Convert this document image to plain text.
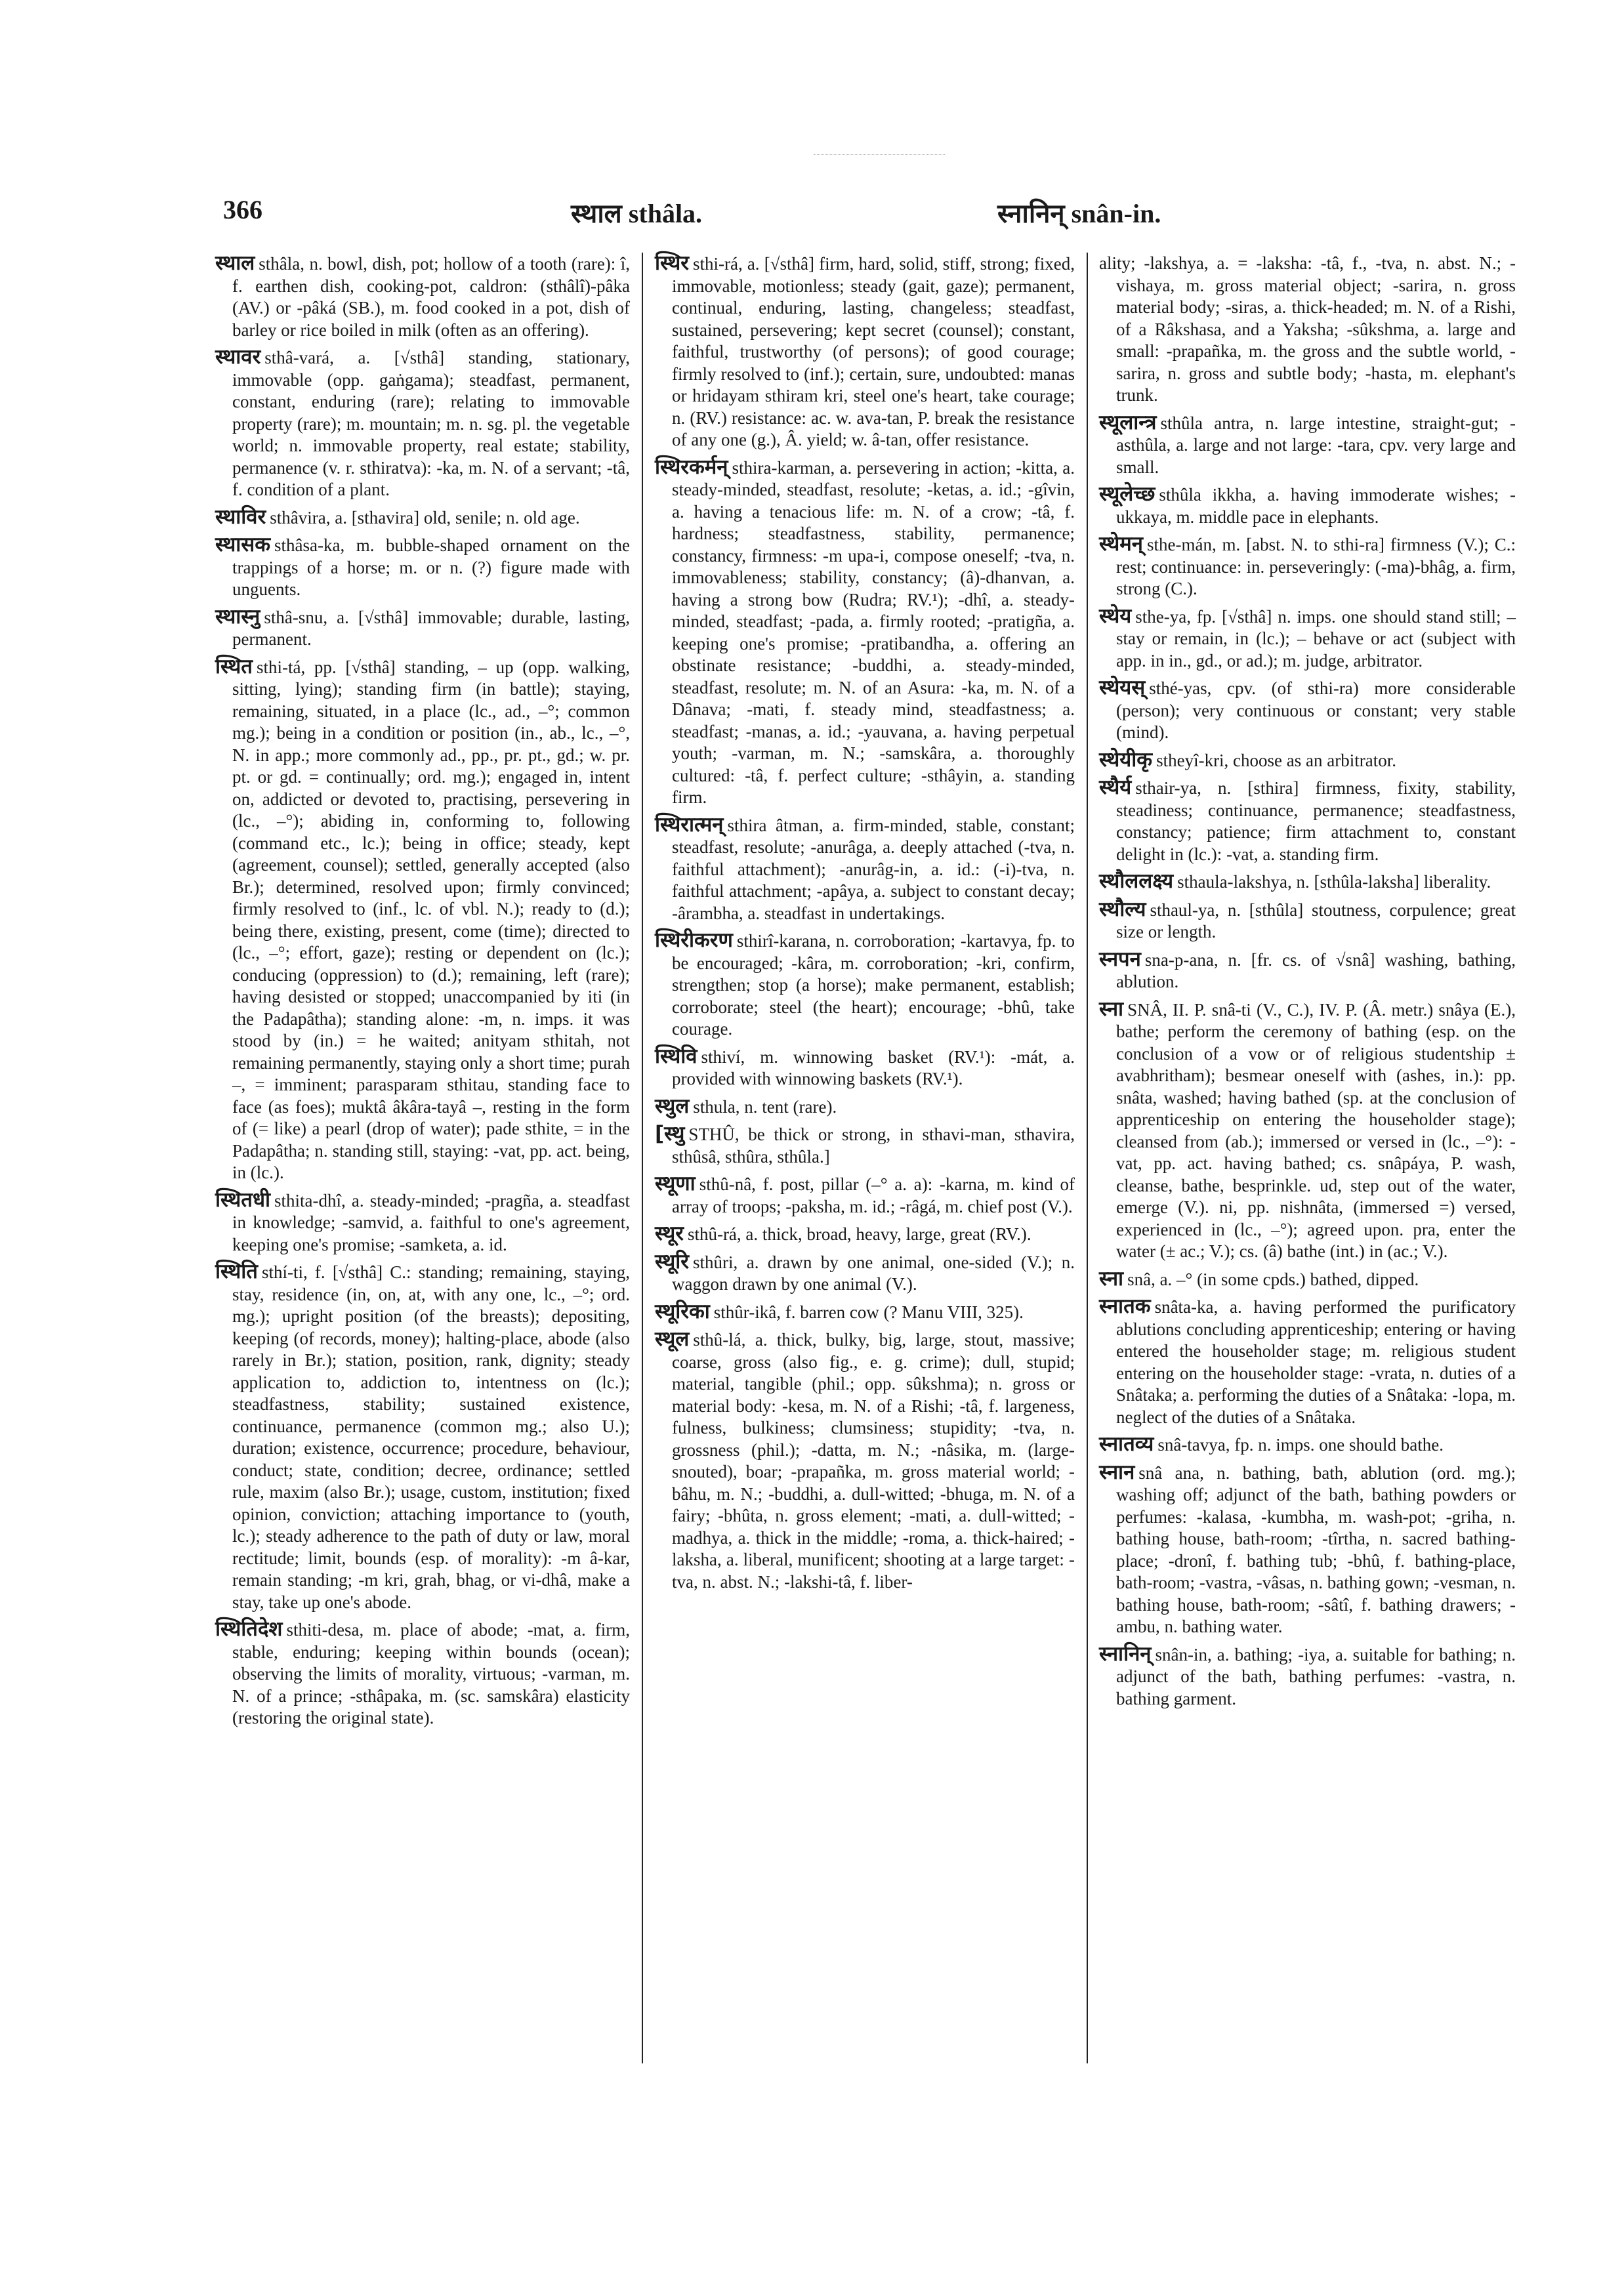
366	स्थाल sthâla.	स्नानिन् snân-in.

स्थाल sthâla, n. bowl, dish, pot; hollow of a tooth (rare): î, f. earthen dish, cooking-pot, caldron: (sthâlî)-pâka (AV.) or -pâká (SB.), m. food cooked in a pot, dish of barley or rice boiled in milk (often as an offering).

स्थावर sthâ-vará, a. [√sthâ] standing, stationary, immovable (opp. gaṅgama); steadfast, permanent, constant, enduring (rare); relating to immovable property (rare); m. mountain; m. n. sg. pl. the vegetable world; n. immovable property, real estate; stability, permanence (v. r. sthiratva): -ka, m. N. of a servant; -tâ, f. condition of a plant.

स्थाविर sthâvira, a. [sthavira] old, senile; n. old age.

स्थासक sthâsa-ka, m. bubble-shaped ornament on the trappings of a horse; m. or n. (?) figure made with unguents.

स्थास्नु sthâ-snu, a. [√sthâ] immovable; durable, lasting, permanent.

स्थित sthi-tá, pp. [√sthâ] standing, – up (opp. walking, sitting, lying); standing firm (in battle); staying, remaining, situated, in a place (lc., ad., –°; common mg.); being in a condition or position (in., ab., lc., –°, N. in app.; more commonly ad., pp., pr. pt., gd.; w. pr. pt. or gd. = continually; ord. mg.); engaged in, intent on, addicted or devoted to, practising, persevering in (lc., –°); abiding in, conforming to, following (command etc., lc.); being in office; steady, kept (agreement, counsel); settled, generally accepted (also Br.); determined, resolved upon; firmly convinced; firmly resolved to (inf., lc. of vbl. N.); ready to (d.); being there, existing, present, come (time); directed to (lc., –°; effort, gaze); resting or dependent on (lc.); conducing (oppression) to (d.); remaining, left (rare); having desisted or stopped; unaccompanied by iti (in the Padapâtha); standing alone: -m, n. imps. it was stood by (in.) = he waited; anityam sthitah, not remaining permanently, staying only a short time; purah –, = imminent; parasparam sthitau, standing face to face (as foes); muktâ âkâra-tayâ –, resting in the form of (= like) a pearl (drop of water); pade sthite, = in the Padapâtha; n. standing still, staying: -vat, pp. act. being, in (lc.).

स्थितधी sthita-dhî, a. steady-minded; -pragña, a. steadfast in knowledge; -samvid, a. faithful to one's agreement, keeping one's promise; -samketa, a. id.

स्थिति sthí-ti, f. [√sthâ] C.: standing; remaining, staying, stay, residence (in, on, at, with any one, lc., –°; ord. mg.); upright position (of the breasts); depositing, keeping (of records, money); halting-place, abode (also rarely in Br.); station, position, rank, dignity; steady application to, addiction to, intentness on (lc.); steadfastness, stability; sustained existence, continuance, permanence (common mg.; also U.); duration; existence, occurrence; procedure, behaviour, conduct; state, condition; decree, ordinance; settled rule, maxim (also Br.); usage, custom, institution; fixed opinion, conviction; attaching importance to (youth, lc.); steady adherence to the path of duty or law, moral rectitude; limit, bounds (esp. of morality): -m â-kar, remain standing; -m kri, grah, bhag, or vi-dhâ, make a stay, take up one's abode.

स्थितिदेश sthiti-desa, m. place of abode; -mat, a. firm, stable, enduring; keeping within bounds (ocean); observing the limits of morality, virtuous; -varman, m. N. of a prince; -sthâpaka, m. (sc. samskâra) elasticity (restoring the original state).

स्थिर sthi-rá, a. [√sthâ] firm, hard, solid, stiff, strong; fixed, immovable, motionless; steady (gait, gaze); permanent, continual, enduring, lasting, changeless; steadfast, sustained, persevering; kept secret (counsel); constant, faithful, trustworthy (of persons); of good courage; firmly resolved to (inf.); certain, sure, undoubted: manas or hridayam sthiram kri, steel one's heart, take courage; n. (RV.) resistance: ac. w. ava-tan, P. break the resistance of any one (g.), Â. yield; w. â-tan, offer resistance.

स्थिरकर्मन् sthira-karman, a. persevering in action; -kitta, a. steady-minded, steadfast, resolute; -ketas, a. id.; -gîvin, a. having a tenacious life: m. N. of a crow; -tâ, f. hardness; steadfastness, stability, permanence; constancy, firmness: -m upa-i, compose oneself; -tva, n. immovableness; stability, constancy; (â)-dhanvan, a. having a strong bow (Rudra; RV.¹); -dhî, a. steady-minded, steadfast; -pada, a. firmly rooted; -pratigña, a. keeping one's promise; -pratibandha, a. offering an obstinate resistance; -buddhi, a. steady-minded, steadfast, resolute; m. N. of an Asura: -ka, m. N. of a Dânava; -mati, f. steady mind, steadfastness; a. steadfast; -manas, a. id.; -yauvana, a. having perpetual youth; -varman, m. N.; -samskâra, a. thoroughly cultured: -tâ, f. perfect culture; -sthâyin, a. standing firm.

स्थिरात्मन् sthira âtman, a. firm-minded, stable, constant; steadfast, resolute; -anurâga, a. deeply attached (-tva, n. faithful attachment); -anurâg-in, a. id.: (-i)-tva, n. faithful attachment; -apâya, a. subject to constant decay; -ârambha, a. steadfast in undertakings.

स्थिरीकरण sthirî-karana, n. corroboration; -kartavya, fp. to be encouraged; -kâra, m. corroboration; -kri, confirm, strengthen; stop (a horse); make permanent, establish; corroborate; steel (the heart); encourage; -bhû, take courage.

स्थिवि sthiví, m. winnowing basket (RV.¹): -mát, a. provided with winnowing baskets (RV.¹).

स्थुल sthula, n. tent (rare).

[स्थु STHÛ, be thick or strong, in sthavi-man, sthavira, sthûsâ, sthûra, sthûla.]

स्थूणा sthû-nâ, f. post, pillar (–° a. a): -karna, m. kind of array of troops; -paksha, m. id.; -râgá, m. chief post (V.).

स्थूर sthû-rá, a. thick, broad, heavy, large, great (RV.).

स्थूरि sthûri, a. drawn by one animal, one-sided (V.); n. waggon drawn by one animal (V.).

स्थूरिका sthûr-ikâ, f. barren cow (? Manu VIII, 325).

स्थूल sthû-lá, a. thick, bulky, big, large, stout, massive; coarse, gross (also fig., e. g. crime); dull, stupid; material, tangible (phil.; opp. sûkshma); n. gross or material body: -kesa, m. N. of a Rishi; -tâ, f. largeness, fulness, bulkiness; clumsiness; stupidity; -tva, n. grossness (phil.); -datta, m. N.; -nâsika, m. (large-snouted), boar; -prapañka, m. gross material world; -bâhu, m. N.; -buddhi, a. dull-witted; -bhuga, m. N. of a fairy; -bhûta, n. gross element; -mati, a. dull-witted; -madhya, a. thick in the middle; -roma, a. thick-haired; -laksha, a. liberal, munificent; shooting at a large target: -tva, n. abst. N.; -lakshi-tâ, f. liber-

ality; -lakshya, a. = -laksha: -tâ, f., -tva, n. abst. N.; -vishaya, m. gross material object; -sarira, n. gross material body; -siras, a. thick-headed; m. N. of a Rishi, of a Râkshasa, and a Yaksha; -sûkshma, a. large and small: -prapañka, m. the gross and the subtle world, -sarira, n. gross and subtle body; -hasta, m. elephant's trunk.

स्थूलान्त्र sthûla antra, n. large intestine, straight-gut; -asthûla, a. large and not large: -tara, cpv. very large and small.

स्थूलेच्छ sthûla ikkha, a. having immoderate wishes; -ukkaya, m. middle pace in elephants.

स्थेमन् sthe-mán, m. [abst. N. to sthi-ra] firmness (V.); C.: rest; continuance: in. perseveringly: (-ma)-bhâg, a. firm, strong (C.).

स्थेय sthe-ya, fp. [√sthâ] n. imps. one should stand still; – stay or remain, in (lc.); – behave or act (subject with app. in in., gd., or ad.); m. judge, arbitrator.

स्थेयस् sthé-yas, cpv. (of sthi-ra) more considerable (person); very continuous or constant; very stable (mind).

स्थेयीकृ stheyî-kri, choose as an arbitrator.

स्थैर्य sthair-ya, n. [sthira] firmness, fixity, stability, steadiness; continuance, permanence; steadfastness, constancy; patience; firm attachment to, constant delight in (lc.): -vat, a. standing firm.

स्थौललक्ष्य sthaula-lakshya, n. [sthûla-laksha] liberality.

स्थौल्य sthaul-ya, n. [sthûla] stoutness, corpulence; great size or length.

स्नपन sna-p-ana, n. [fr. cs. of √snâ] washing, bathing, ablution.

स्ना SNÂ, II. P. snâ-ti (V., C.), IV. P. (Â. metr.) snâya (E.), bathe; perform the ceremony of bathing (esp. on the conclusion of a vow or of religious studentship ± avabhritham); besmear oneself with (ashes, in.): pp. snâta, washed; having bathed (sp. at the conclusion of apprenticeship on entering the householder stage); cleansed from (ab.); immersed or versed in (lc., –°): -vat, pp. act. having bathed; cs. snâpáya, P. wash, cleanse, bathe, besprinkle. ud, step out of the water, emerge (V.). ni, pp. nishnâta, (immersed =) versed, experienced in (lc., –°); agreed upon. pra, enter the water (± ac.; V.); cs. (â) bathe (int.) in (ac.; V.).

स्ना snâ, a. –° (in some cpds.) bathed, dipped.

स्नातक snâta-ka, a. having performed the purificatory ablutions concluding apprenticeship; entering or having entered the householder stage; m. religious student entering on the householder stage: -vrata, n. duties of a Snâtaka; a. performing the duties of a Snâtaka: -lopa, m. neglect of the duties of a Snâtaka.

स्नातव्य snâ-tavya, fp. n. imps. one should bathe.

स्नान snâ ana, n. bathing, bath, ablution (ord. mg.); washing off; adjunct of the bath, bathing powders or perfumes: -kalasa, -kumbha, m. wash-pot; -griha, n. bathing house, bath-room; -tîrtha, n. sacred bathing-place; -dronî, f. bathing tub; -bhû, f. bathing-place, bath-room; -vastra, -vâsas, n. bathing gown; -vesman, n. bathing house, bath-room; -sâtî, f. bathing drawers; -ambu, n. bathing water.

स्नानिन् snân-in, a. bathing; -iya, a. suitable for bathing; n. adjunct of the bath, bathing perfumes: -vastra, n. bathing garment.
